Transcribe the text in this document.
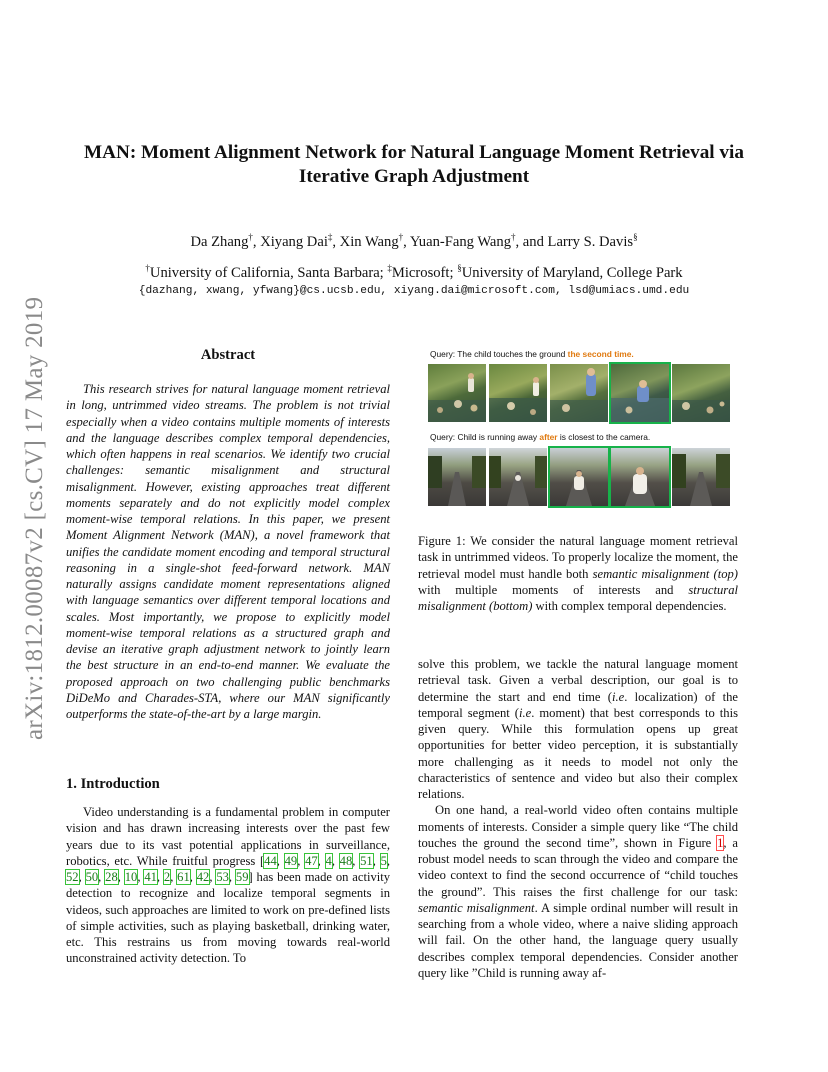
arXiv:1812.00087v2 [cs.CV] 17 May 2019
MAN: Moment Alignment Network for Natural Language Moment Retrieval via
Iterative Graph Adjustment
Da Zhang†, Xiyang Dai‡, Xin Wang†, Yuan-Fang Wang†, and Larry S. Davis§
†University of California, Santa Barbara; ‡Microsoft; §University of Maryland, College Park
{dazhang, xwang, yfwang}@cs.ucsb.edu, xiyang.dai@microsoft.com, lsd@umiacs.umd.edu
Abstract
This research strives for natural language moment retrieval in long, untrimmed video streams. The problem is not trivial especially when a video contains multiple moments of interests and the language describes complex temporal dependencies, which often happens in real scenarios. We identify two crucial challenges: semantic misalignment and structural misalignment. However, existing approaches treat different moments separately and do not explicitly model complex moment-wise temporal relations. In this paper, we present Moment Alignment Network (MAN), a novel framework that unifies the candidate moment encoding and temporal structural reasoning in a single-shot feed-forward network. MAN naturally assigns candidate moment representations aligned with language semantics over different temporal locations and scales. Most importantly, we propose to explicitly model moment-wise temporal relations as a structured graph and devise an iterative graph adjustment network to jointly learn the best structure in an end-to-end manner. We evaluate the proposed approach on two challenging public benchmarks DiDeMo and Charades-STA, where our MAN significantly outperforms the state-of-the-art by a large margin.
1. Introduction
Video understanding is a fundamental problem in computer vision and has drawn increasing interests over the past few years due to its vast potential applications in surveillance, robotics, etc. While fruitful progress [44, 49, 47, 4, 48, 51, 5, 52, 50, 28, 10, 41, 2, 61, 42, 53, 59] has been made on activity detection to recognize and localize temporal segments in videos, such approaches are limited to work on pre-defined lists of simple activities, such as playing basketball, drinking water, etc. This restrains us from moving towards real-world unconstrained activity detection. To
Query: The child touches the ground the second time.
Query: Child is running away after is closest to the camera.
Figure 1: We consider the natural language moment retrieval task in untrimmed videos. To properly localize the moment, the retrieval model must handle both semantic misalignment (top) with multiple moments of interests and structural misalignment (bottom) with complex temporal dependencies.
solve this problem, we tackle the natural language moment retrieval task. Given a verbal description, our goal is to determine the start and end time (i.e. localization) of the temporal segment (i.e. moment) that best corresponds to this given query. While this formulation opens up great opportunities for better video perception, it is substantially more challenging as it needs to model not only the characteristics of sentence and video but also their complex relations.
On one hand, a real-world video often contains multiple moments of interests. Consider a simple query like “The child touches the ground the second time”, shown in Figure 1, a robust model needs to scan through the video and compare the video context to find the second occurrence of “child touches the ground”. This raises the first challenge for our task: semantic misalignment. A simple ordinal number will result in searching from a whole video, where a naive sliding approach will fail. On the other hand, the language query usually describes complex temporal dependencies. Consider another query like ”Child is running away af-
